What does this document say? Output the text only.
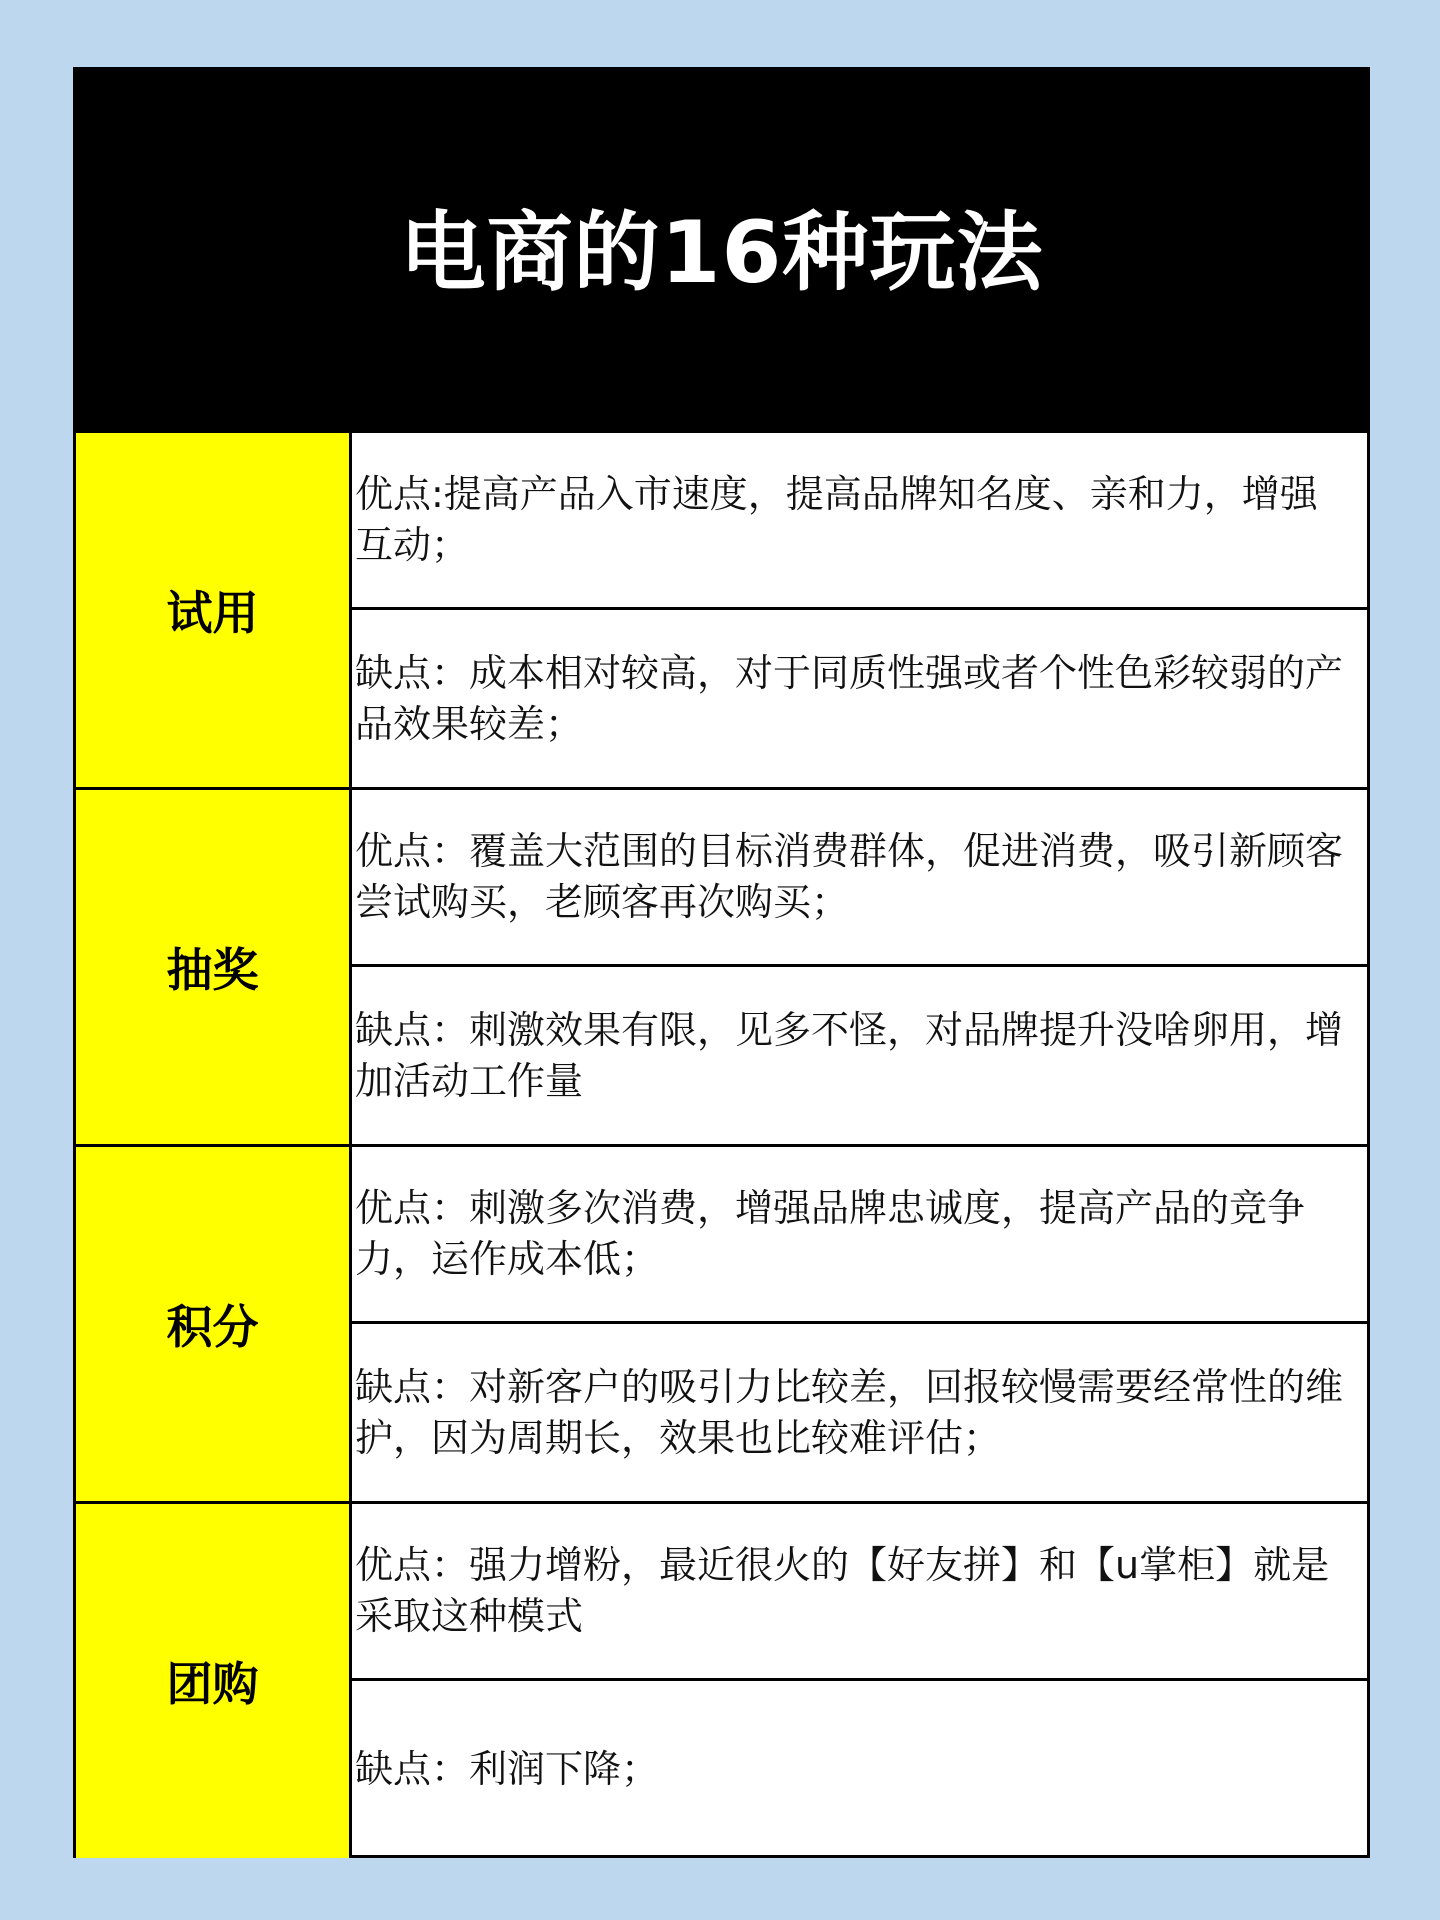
电商的16种玩法
试用
优点:提高产品入市速度，提高品牌知名度、亲和力，增强互动；
缺点：成本相对较高，对于同质性强或者个性色彩较弱的产品效果较差；
抽奖
优点：覆盖大范围的目标消费群体，促进消费，吸引新顾客尝试购买，老顾客再次购买；
缺点：刺激效果有限，见多不怪，对品牌提升没啥卵用，增加活动工作量
积分
优点：刺激多次消费，增强品牌忠诚度，提高产品的竞争力，运作成本低；
缺点：对新客户的吸引力比较差，回报较慢需要经常性的维护，因为周期长，效果也比较难评估；
团购
优点：强力增粉，最近很火的【好友拼】和【u掌柜】就是采取这种模式
缺点：利润下降；
